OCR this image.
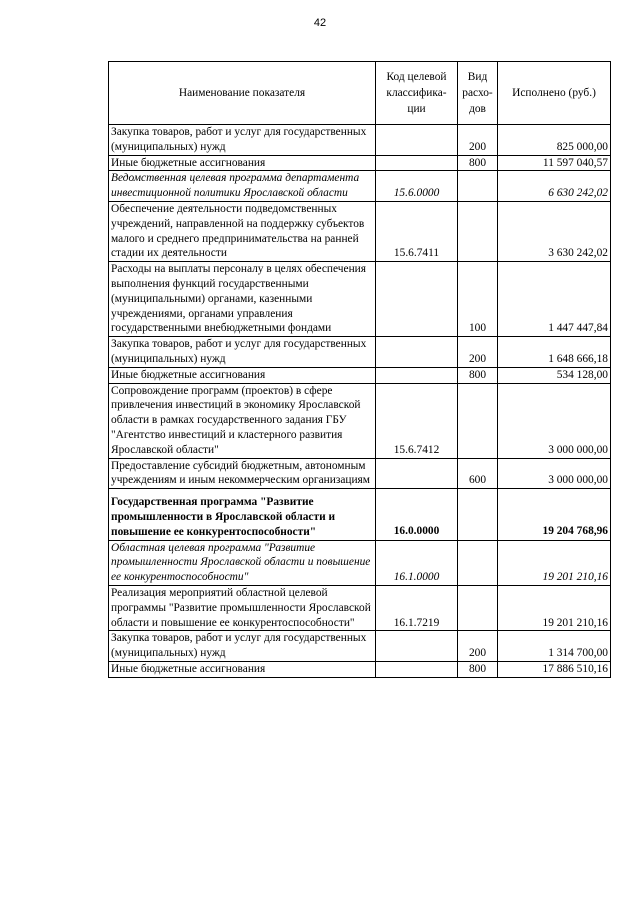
42
Наименование показателя	Код целевой классифика-ции	Вид расхо-дов	Исполнено (руб.)
Закупка товаров, работ и услуг для государственных (муниципальных) нужд		200	825 000,00
Иные бюджетные ассигнования		800	11 597 040,57
Ведомственная целевая программа департамента инвестиционной политики Ярославской области	15.6.0000		6 630 242,02
Обеспечение деятельности подведомственных учреждений, направленной на поддержку субъектов малого и среднего предпринимательства на ранней стадии их деятельности	15.6.7411		3 630 242,02
Расходы на выплаты персоналу в целях обеспечения выполнения функций государственными (муниципальными) органами, казенными учреждениями, органами управления государственными внебюджетными фондами		100	1 447 447,84
Закупка товаров, работ и услуг для государственных (муниципальных) нужд		200	1 648 666,18
Иные бюджетные ассигнования		800	534 128,00
Сопровождение программ (проектов) в сфере привлечения инвестиций в экономику Ярославской области в рамках государственного задания ГБУ "Агентство инвестиций и кластерного развития Ярославской области"	15.6.7412		3 000 000,00
Предоставление субсидий бюджетным, автономным учреждениям и иным некоммерческим организациям		600	3 000 000,00
Государственная программа "Развитие промышленности в Ярославской области и повышение ее конкурентоспособности"	16.0.0000		19 204 768,96
Областная целевая программа "Развитие промышленности Ярославской области и повышение ее конкурентоспособности"	16.1.0000		19 201 210,16
Реализация мероприятий областной целевой программы "Развитие промышленности Ярославской области и повышение ее конкурентоспособности"	16.1.7219		19 201 210,16
Закупка товаров, работ и услуг для государственных (муниципальных) нужд		200	1 314 700,00
Иные бюджетные ассигнования		800	17 886 510,16
